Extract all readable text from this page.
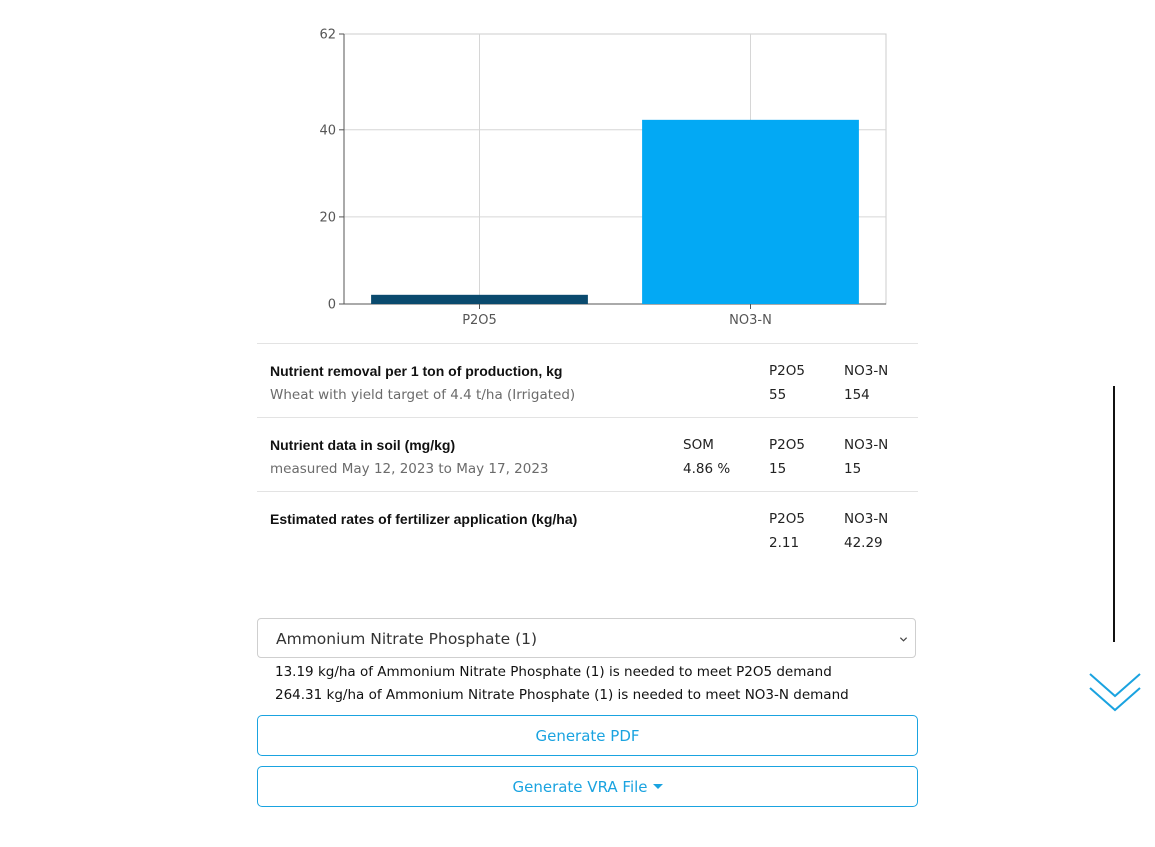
0
20
40
62
P2O5	NO3-N
Nutrient removal per 1 ton of production, kg
Wheat with yield target of 4.4 t/ha (Irrigated)
P2O5
55
NO3-N
154
Nutrient data in soil (mg/kg)
measured May 12, 2023 to May 17, 2023
SOM
4.86 %
P2O5
15
NO3-N
15
Estimated rates of fertilizer application (kg/ha)	P2O5
2.11
NO3-N
42.29
Ammonium Nitrate Phosphate (1)
13.19 kg/ha of Ammonium Nitrate Phosphate (1) is needed to meet P2O5 demand
264.31 kg/ha of Ammonium Nitrate Phosphate (1) is needed to meet NO3-N demand
Generate PDF
Generate VRA File
